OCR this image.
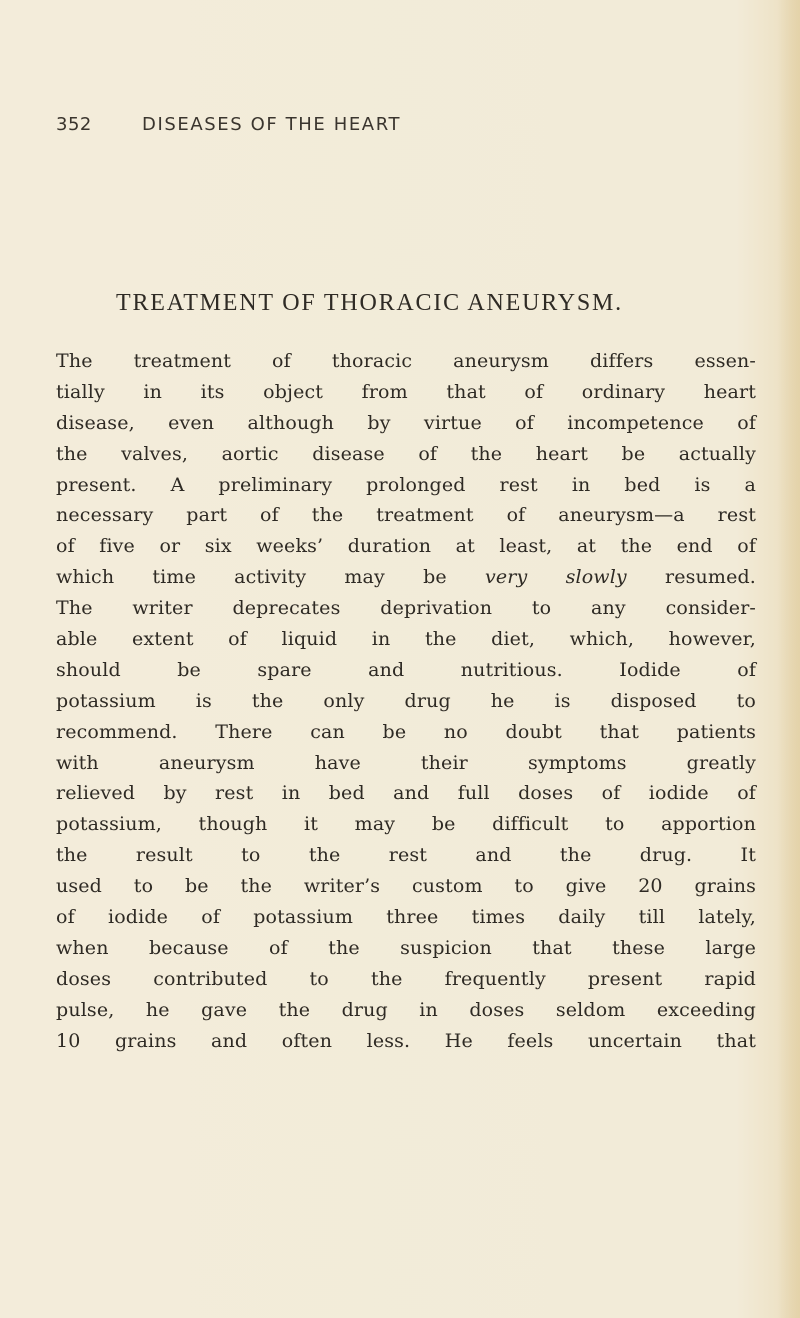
352	DISEASES OF THE HEART
TREATMENT OF THORACIC ANEURYSM.
The treatment of thoracic aneurysm differs essen-
tially in its object from that of ordinary heart
disease, even although by virtue of incompetence of
the valves, aortic disease of the heart be actually
present. A preliminary prolonged rest in bed is a
necessary part of the treatment of aneurysm—a rest
of five or six weeks’ duration at least, at the end of
which time activity may be very slowly resumed.
The writer deprecates deprivation to any consider-
able extent of liquid in the diet, which, however,
should be spare and nutritious. Iodide of
potassium is the only drug he is disposed to
recommend. There can be no doubt that patients
with aneurysm have their symptoms greatly
relieved by rest in bed and full doses of iodide of
potassium, though it may be difficult to apportion
the result to the rest and the drug. It
used to be the writer’s custom to give 20 grains
of iodide of potassium three times daily till lately,
when because of the suspicion that these large
doses contributed to the frequently present rapid
pulse, he gave the drug in doses seldom exceeding
10 grains and often less. He feels uncertain that
